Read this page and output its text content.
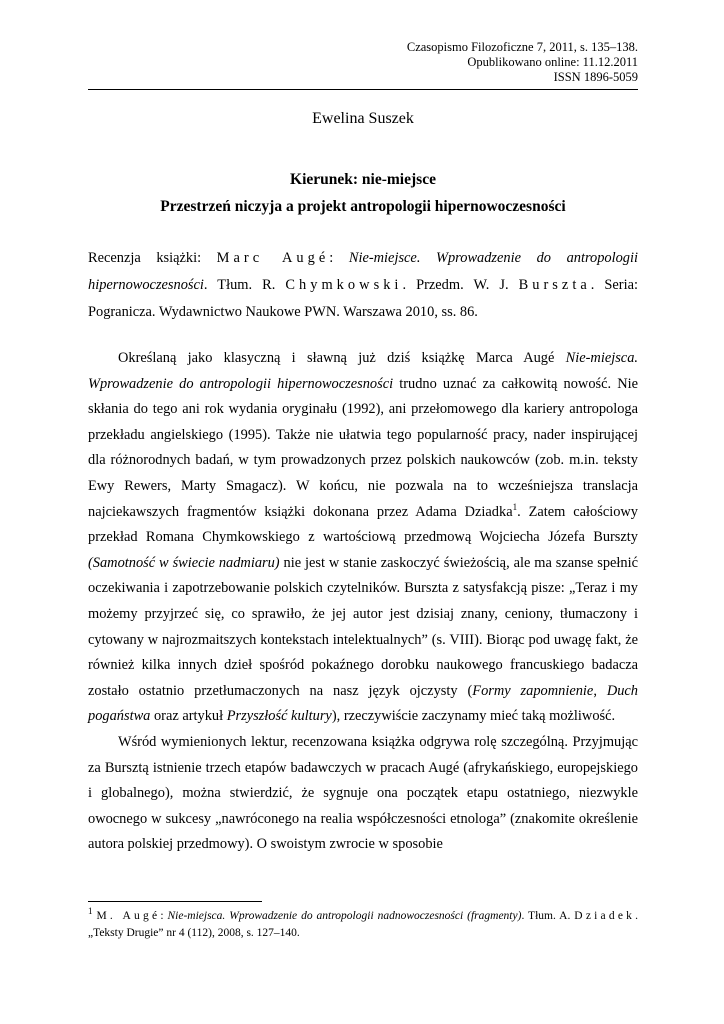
Czasopismo Filozoficzne 7, 2011, s. 135–138.
Opublikowano online: 11.12.2011
ISSN 1896-5059
Ewelina Suszek
Kierunek: nie-miejsce
Przestrzeń niczyja a projekt antropologii hipernowoczesności
Recenzja książki: Marc Augé: Nie-miejsce. Wprowadzenie do antropologii hipernowoczesności. Tłum. R. Chymkowski. Przedm. W. J. Bursztа. Seria: Pogranicza. Wydawnictwo Naukowe PWN. Warszawa 2010, ss. 86.

Określaną jako klasyczną i sławną już dziś książkę Marca Augé Nie-miejsca. Wprowadzenie do antropologii hipernowoczesności trudno uznać za całkowitą nowość. Nie skłania do tego ani rok wydania oryginału (1992), ani przełomowego dla kariery antropologa przekładu angielskiego (1995). Także nie ułatwia tego popularność pracy, nader inspirującej dla różnorodnych badań, w tym prowadzonych przez polskich naukowców (zob. m.in. teksty Ewy Rewers, Marty Smagacz). W końcu, nie pozwala na to wcześniejsza translacja najciekawszych fragmentów książki dokonana przez Adama Dziadka$^1$. Zatem całościowy przekład Romana Chymkowskiego z wartościową przedmową Wojciecha Józefa Burszty (Samotność w świecie nadmiaru) nie jest w stanie zaskoczyć świeżością, ale ma szanse spełnić oczekiwania i zapotrzebowanie polskich czytelników. Bursztа z satysfakcją pisze: „Teraz i my możemy przyjrzeć się, co sprawiło, że jej autor jest dzisiaj znany, ceniony, tłumaczony i cytowany w najrozmaitszych kontekstach intelektualnych” (s. VIII). Biorąc pod uwagę fakt, że również kilka innych dzieł spośród pokaźnego dorobku naukowego francuskiego badacza zostało ostatnio przetłumaczonych na nasz język ojczysty (Formy zapomnienie, Duch pogaństwa oraz artykuł Przyszłość kultury), rzeczywiście zaczynamy mieć taką możliwość.

Wśród wymienionych lektur, recenzowana książka odgrywa rolę szczególną. Przyjmując za Bursztą istnienie trzech etapów badawczych w pracach Augé (afrykańskiego, europejskiego i globalnego), można stwierdzić, że sygnuje ona początek etapu ostatniego, niezwykle owocnego w sukcesy „nawróconego na realia współczesności etnologa” (znakomite określenie autora polskiej przedmowy). O swoistym zwrocie w sposobie

$^1$ M. Augé: Nie-miejsca. Wprowadzenie do antropologii nadnowoczesności (fragmenty). Tłum. A. Dziadek. „Teksty Drugie” nr 4 (112), 2008, s. 127–140.
